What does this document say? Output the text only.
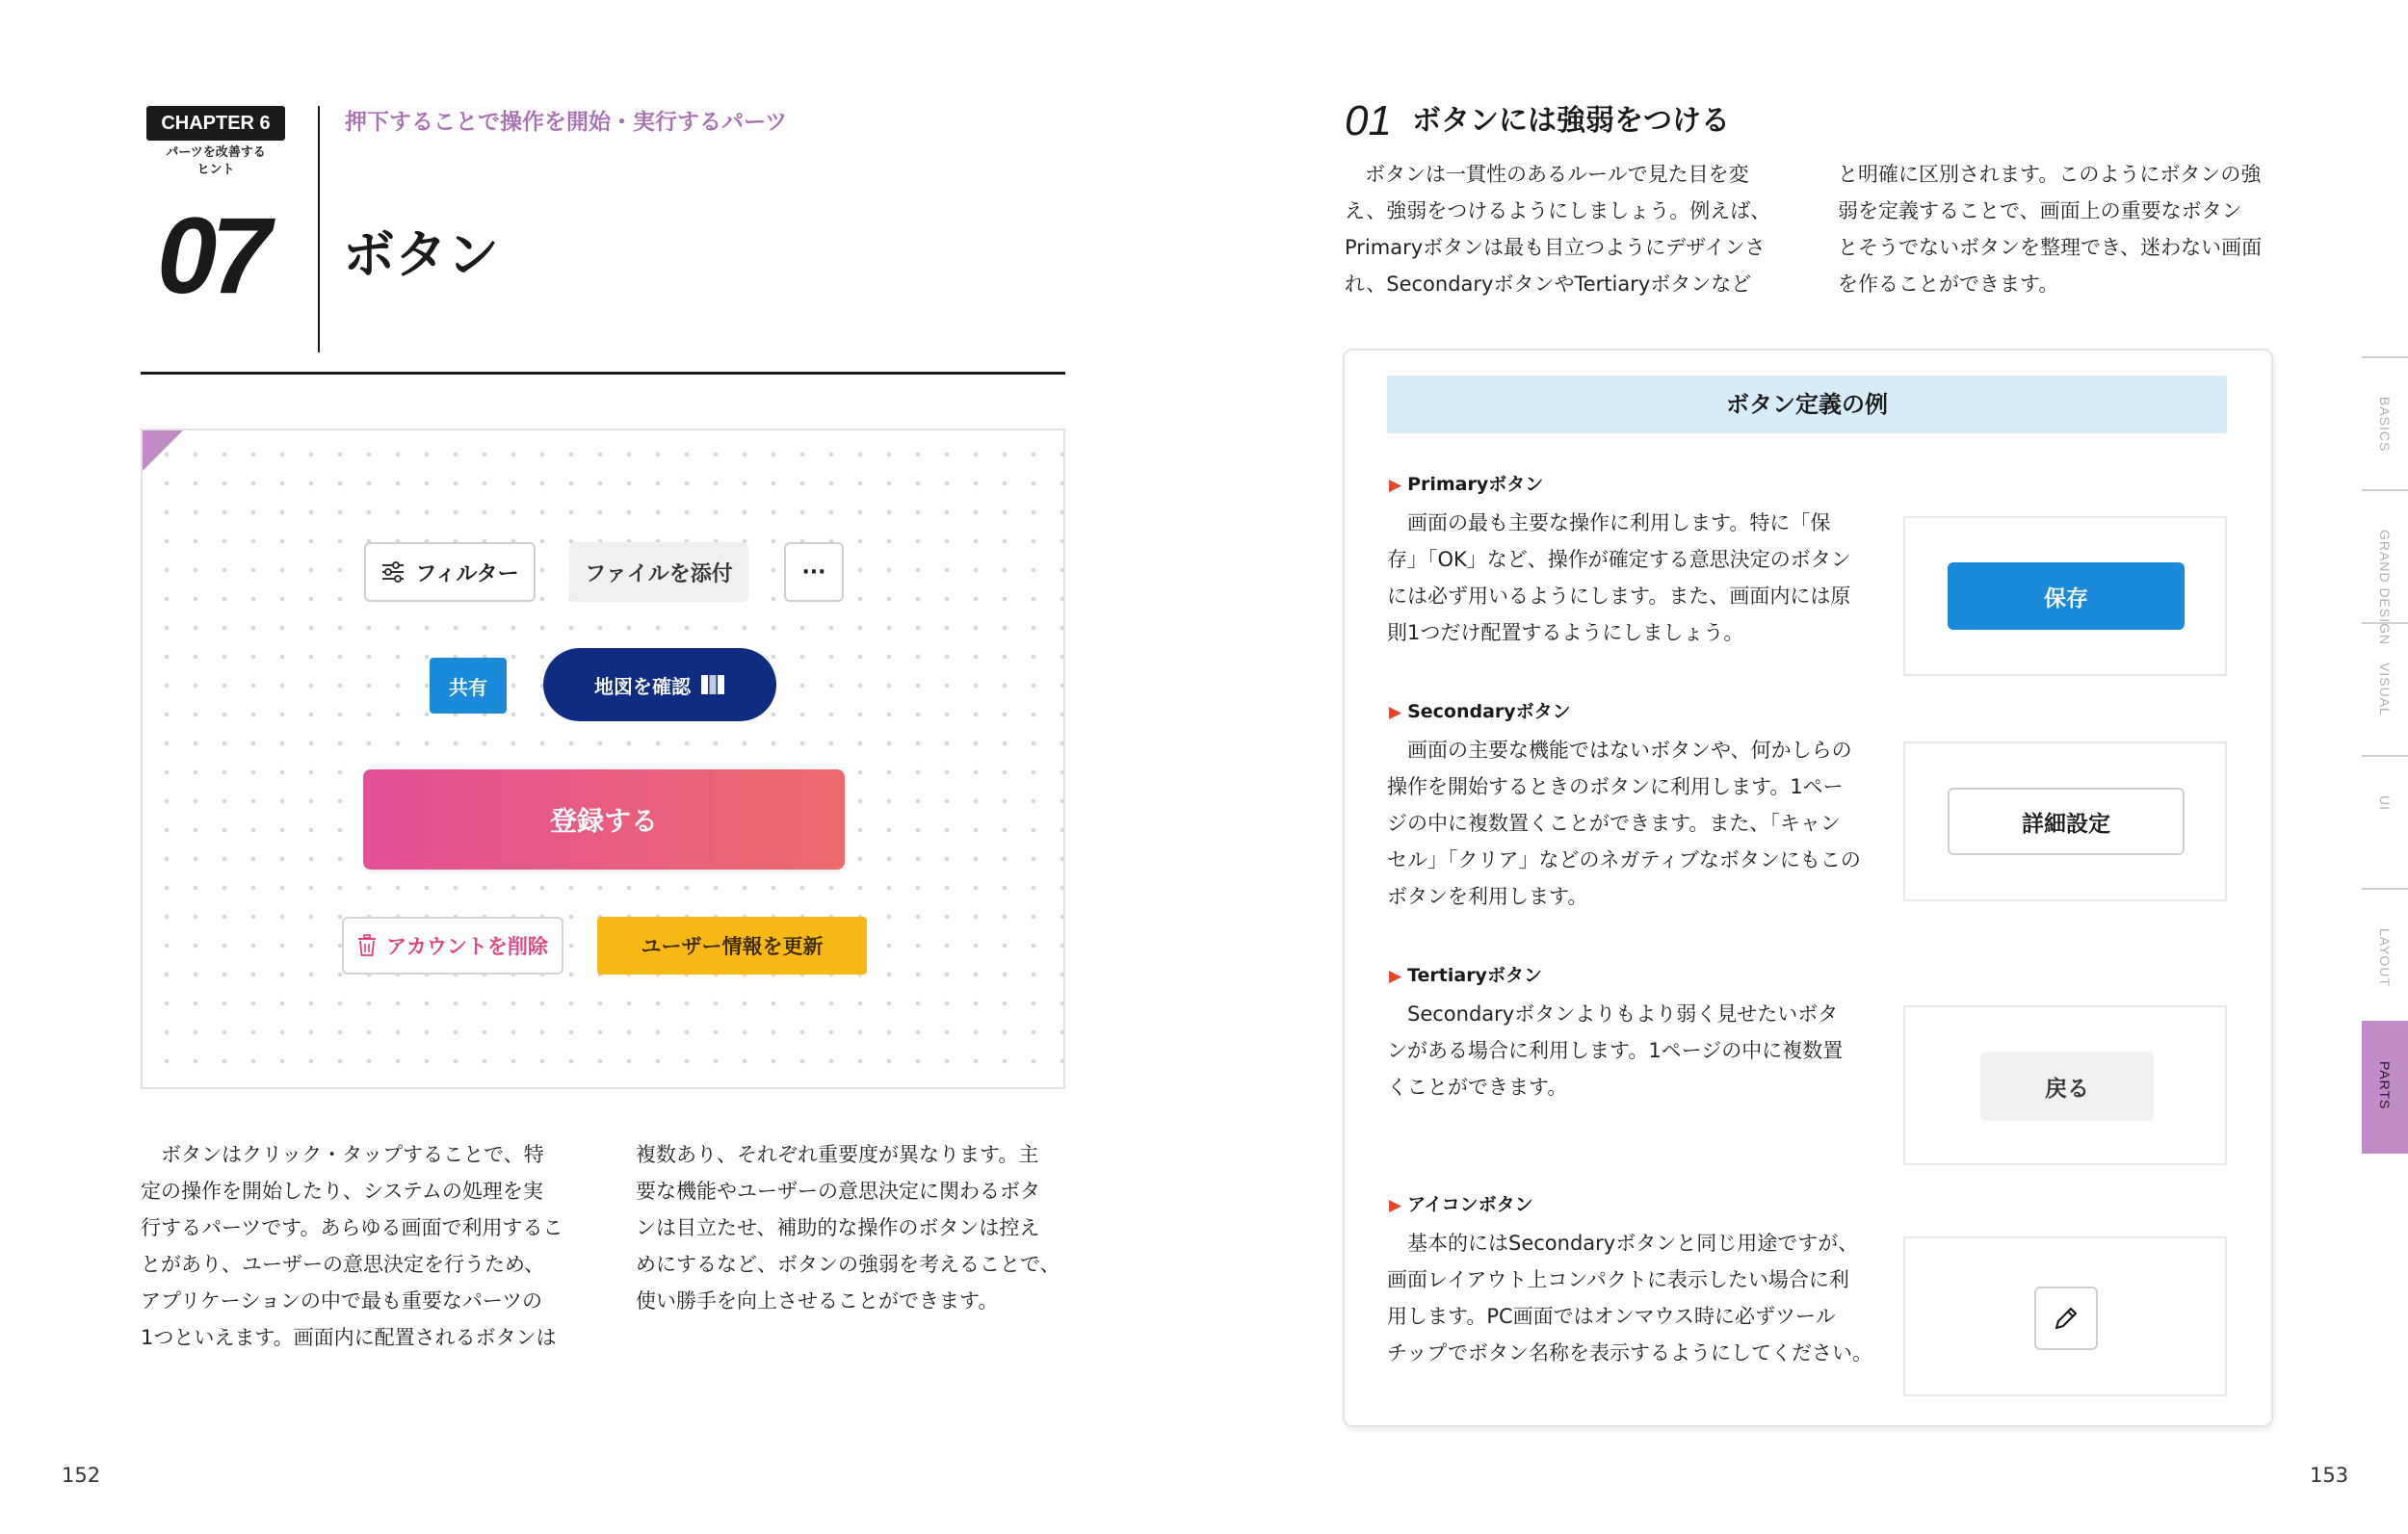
CHAPTER 6
パーツを改善する
ヒント
07
押下することで操作を開始・実行するパーツ
ボタン
フィルター	ファイルを添付	···
共有	地図を確認
登録する
アカウントを削除	ユーザー情報を更新
　ボタンはクリック・タップすることで、特
定の操作を開始したり、システムの処理を実
行するパーツです。あらゆる画面で利用するこ
とがあり、ユーザーの意思決定を行うため、
アプリケーションの中で最も重要なパーツの
1つといえます。画面内に配置されるボタンは
複数あり、それぞれ重要度が異なります。主
要な機能やユーザーの意思決定に関わるボタ
ンは目立たせ、補助的な操作のボタンは控え
めにするなど、ボタンの強弱を考えることで、
使い勝手を向上させることができます。
152
01 ボタンには強弱をつける
　ボタンは一貫性のあるルールで見た目を変
え、強弱をつけるようにしましょう。例えば、
Primaryボタンは最も目立つようにデザインさ
れ、SecondaryボタンやTertiaryボタンなど
と明確に区別されます。このようにボタンの強
弱を定義することで、画面上の重要なボタン
とそうでないボタンを整理でき、迷わない画面
を作ることができます。
ボタン定義の例
▶ Primaryボタン
　画面の最も主要な操作に利用します。特に「保
存」「OK」など、操作が確定する意思決定のボタン
には必ず用いるようにします。また、画面内には原
則1つだけ配置するようにしましょう。
保存
▶ Secondaryボタン
　画面の主要な機能ではないボタンや、何かしらの
操作を開始するときのボタンに利用します。1ペー
ジの中に複数置くことができます。また、「キャン
セル」「クリア」などのネガティブなボタンにもこの
ボタンを利用します。
詳細設定
▶ Tertiaryボタン
　Secondaryボタンよりもより弱く見せたいボタ
ンがある場合に利用します。1ページの中に複数置
くことができます。	戻る
▶ アイコンボタン
　基本的にはSecondaryボタンと同じ用途ですが、
画面レイアウト上コンパクトに表示したい場合に利
用します。PC画面ではオンマウス時に必ずツール
チップでボタン名称を表示するようにしてください。
BASICS
GRAND DESIGN
VISUAL
UI
LAYOUT
PARTS
153
